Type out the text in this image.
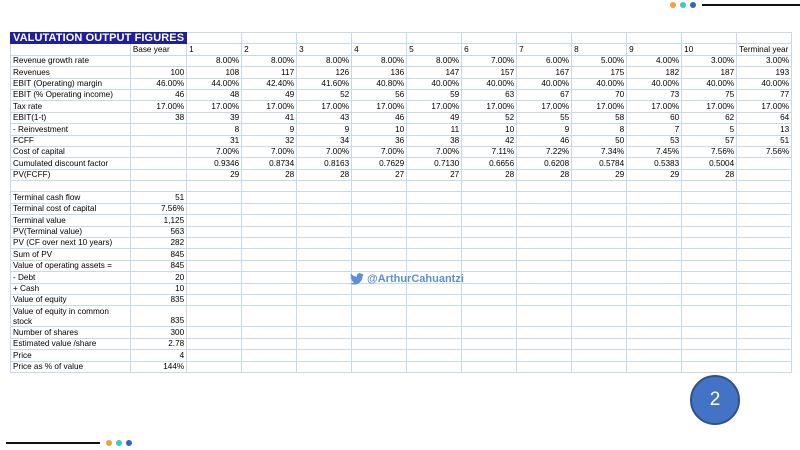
VALUTATION OUTPUT FIGURES												
	Base year	1	2	3	4	5	6	7	8	9	10	Terminal year
Revenue growth rate		8.00%	8.00%	8.00%	8.00%	8.00%	7.00%	6.00%	5.00%	4.00%	3.00%	3.00%
Revenues	100	108	117	126	136	147	157	167	175	182	187	193
EBIT (Operating) margin	46.00%	44.00%	42.40%	41.60%	40.80%	40.00%	40.00%	40.00%	40.00%	40.00%	40.00%	40.00%
EBIT (% Operating income)	46	48	49	52	56	59	63	67	70	73	75	77
Tax rate	17.00%	17.00%	17.00%	17.00%	17.00%	17.00%	17.00%	17.00%	17.00%	17.00%	17.00%	17.00%
EBIT(1-t)	38	39	41	43	46	49	52	55	58	60	62	64
- Reinvestment		8	9	9	10	11	10	9	8	7	5	13
FCFF		31	32	34	36	38	42	46	50	53	57	51
Cost of capital		7.00%	7.00%	7.00%	7.00%	7.00%	7.11%	7.22%	7.34%	7.45%	7.56%	7.56%
Cumulated discount factor		0.9346	0.8734	0.8163	0.7629	0.7130	0.6656	0.6208	0.5784	0.5383	0.5004	
PV(FCFF)		29	28	28	27	27	28	28	29	29	28	

Terminal cash flow	51											
Terminal cost of capital	7.56%											
Terminal value	1,125											
PV(Terminal value)	563											
PV (CF over next 10 years)	282											
Sum of PV	845											
Value of operating assets =	845											
- Debt	20											
+ Cash	10											
Value of equity	835											
Value of equity in common stock	835											
Number of shares	300											
Estimated value /share	2.78											
Price	4											
Price as % of value	144%											
@ArthurCahuantzi
2
